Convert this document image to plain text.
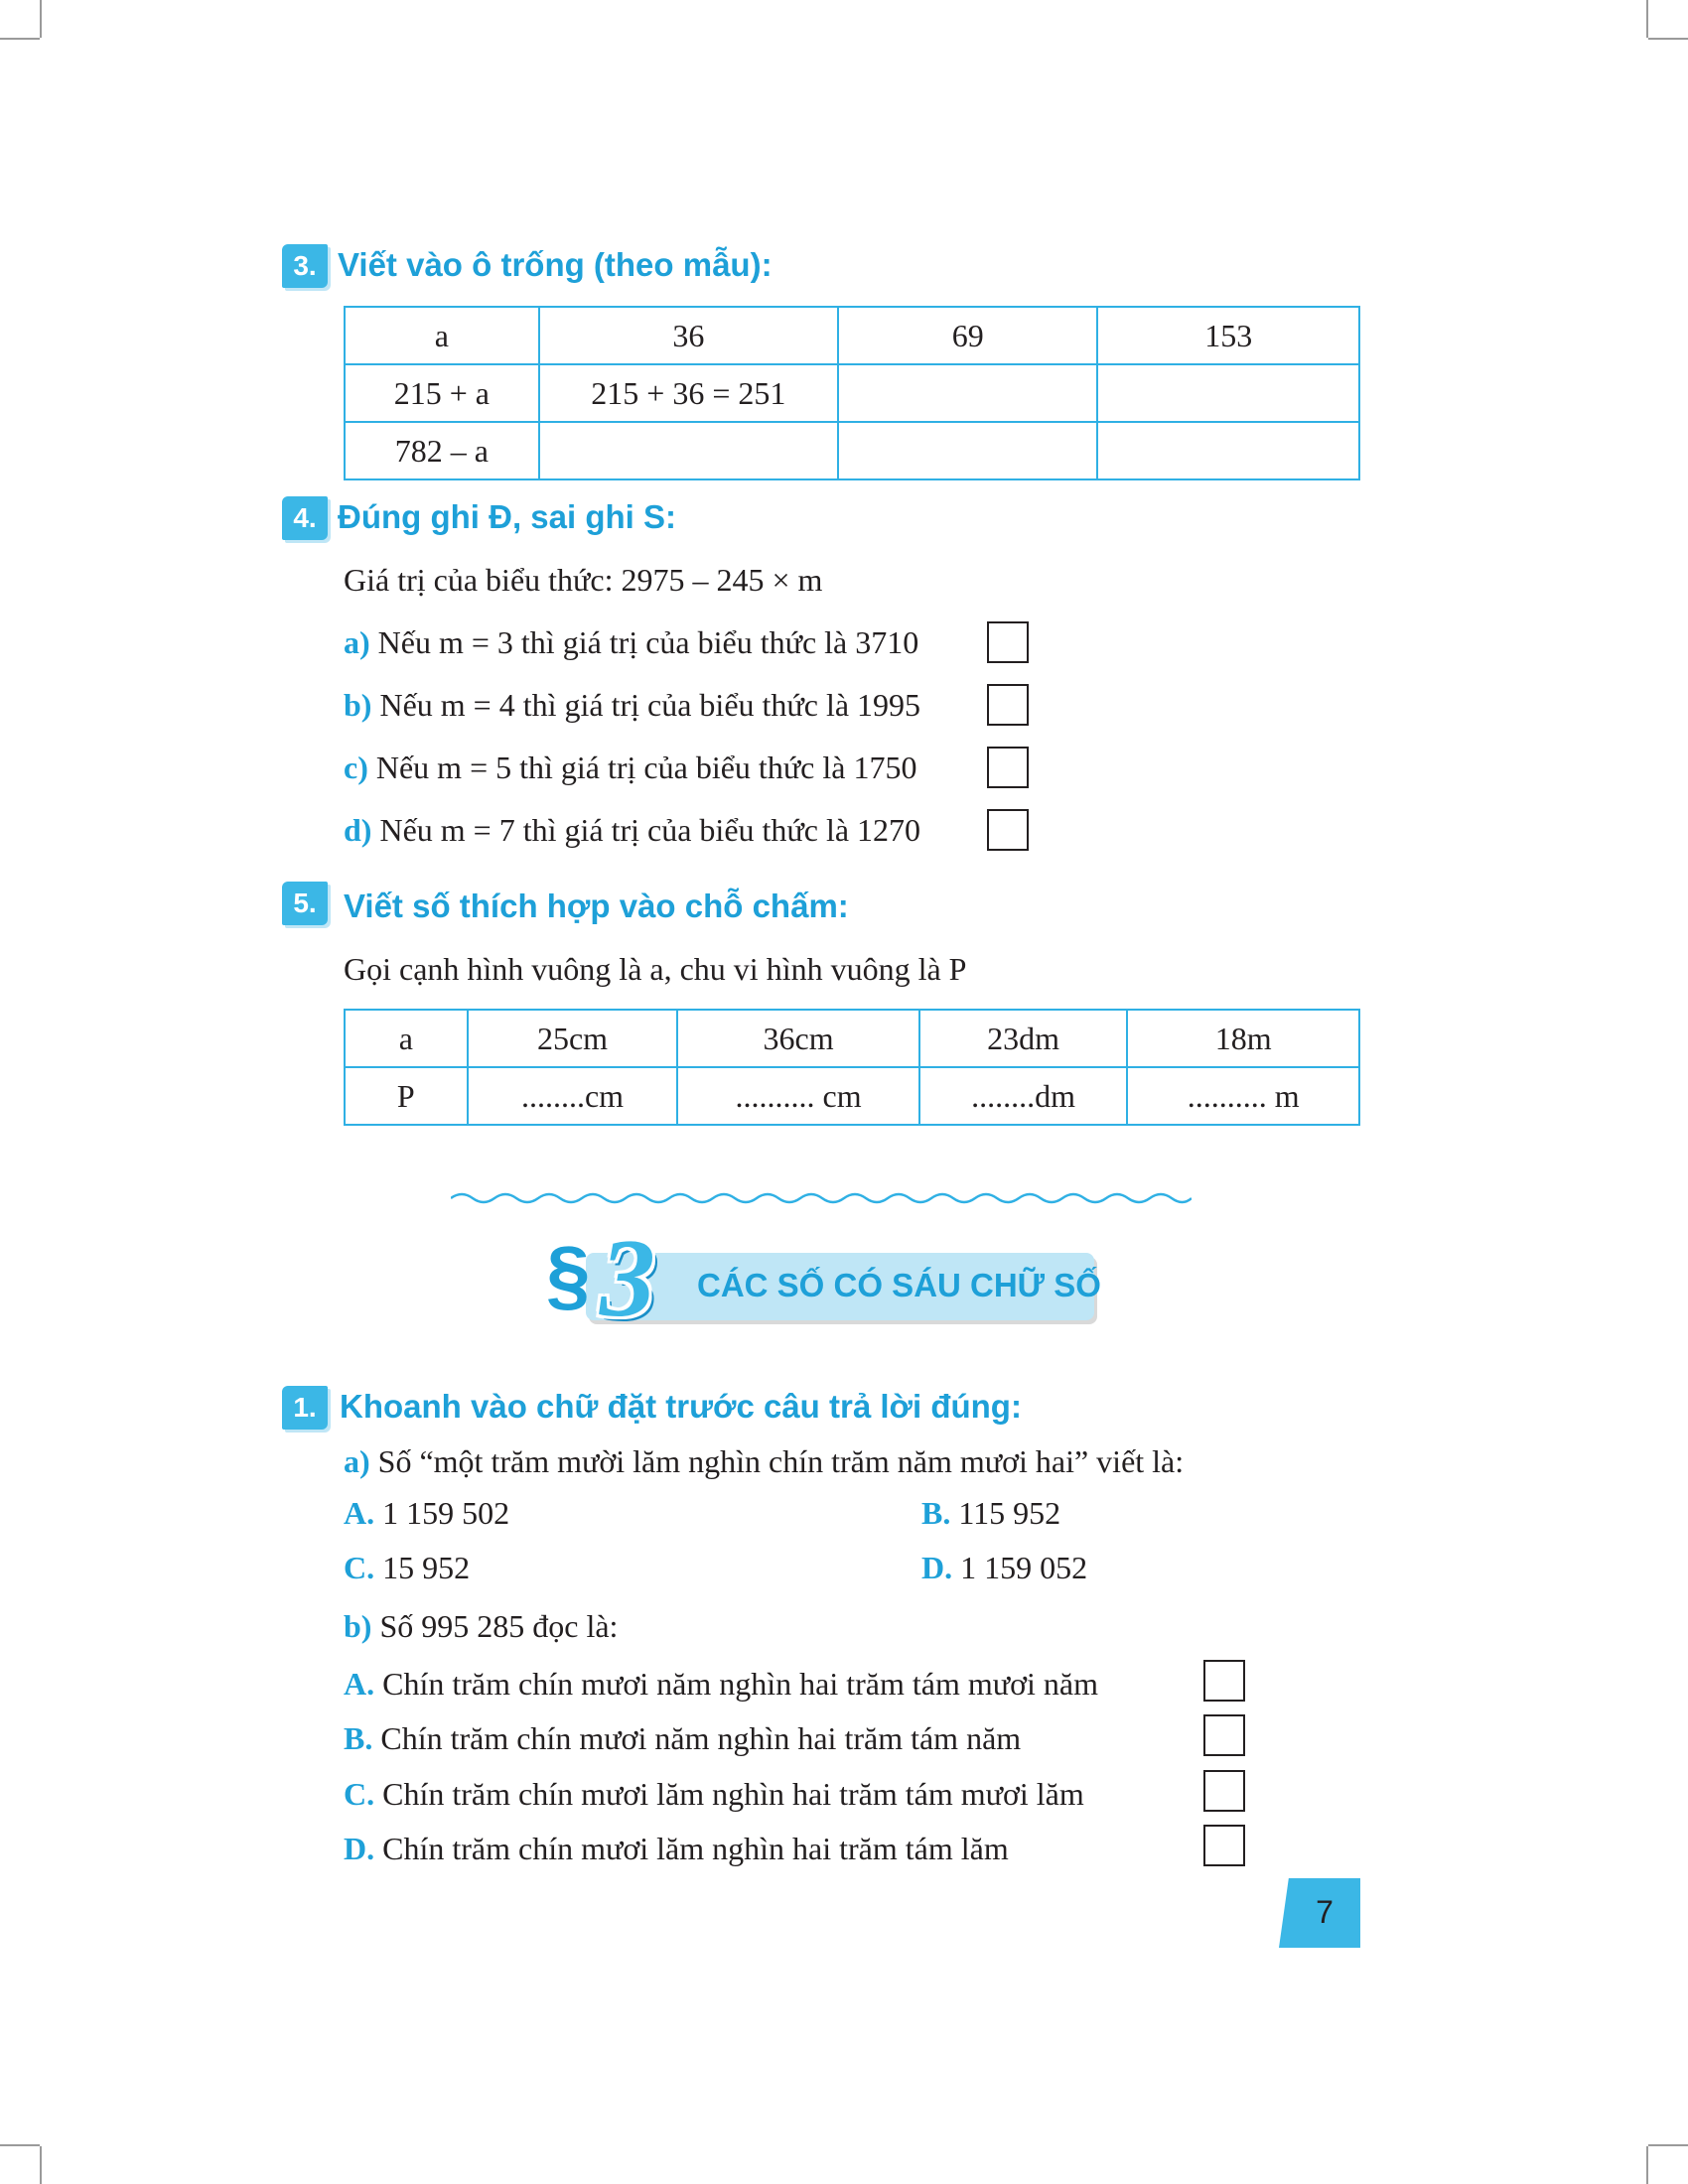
3. Viết vào ô trống (theo mẫu):
a	36	69	153
215 + a	215 + 36 = 251		
782 – a			
4. Đúng ghi Đ, sai ghi S:
Giá trị của biểu thức: 2975 – 245 × m
a) Nếu m = 3 thì giá trị của biểu thức là 3710
b) Nếu m = 4 thì giá trị của biểu thức là 1995
c) Nếu m = 5 thì giá trị của biểu thức là 1750
d) Nếu m = 7 thì giá trị của biểu thức là 1270
5. Viết số thích hợp vào chỗ chấm:
Gọi cạnh hình vuông là a, chu vi hình vuông là P
a	25cm	36cm	23dm	18m
P	........cm	.......... cm	........dm	.......... m
§ 3 CÁC SỐ CÓ SÁU CHỮ SỐ
1. Khoanh vào chữ đặt trước câu trả lời đúng:
a) Số “một trăm mười lăm nghìn chín trăm năm mươi hai” viết là:
A. 1 159 502	B. 115 952
C. 15 952	D. 1 159 052
b) Số 995 285 đọc là:
A. Chín trăm chín mươi năm nghìn hai trăm tám mươi năm
B. Chín trăm chín mươi năm nghìn hai trăm tám năm
C. Chín trăm chín mươi lăm nghìn hai trăm tám mươi lăm
D. Chín trăm chín mươi lăm nghìn hai trăm tám lăm
7
